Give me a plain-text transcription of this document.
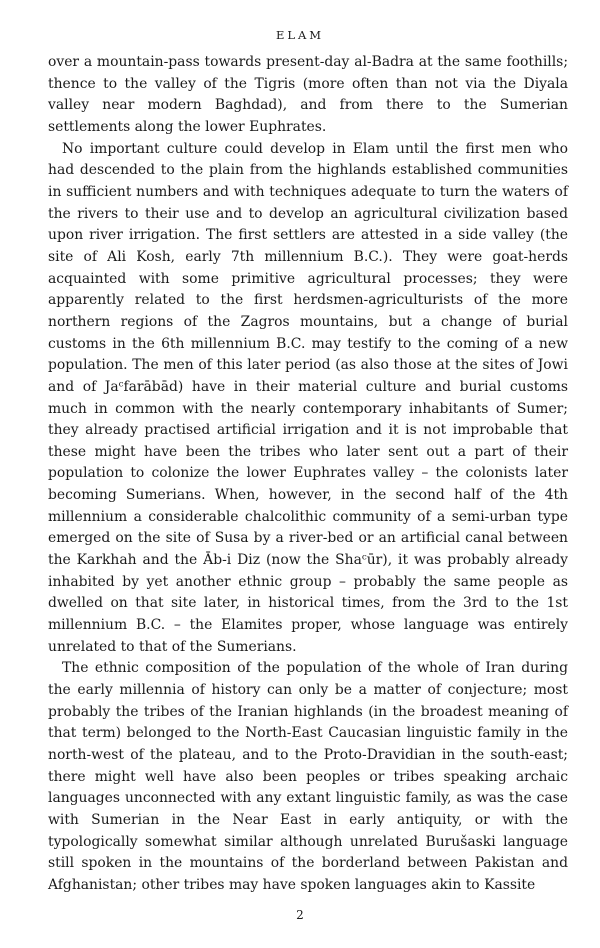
ELAM

over a mountain-pass towards present-day al-Badra at the same foothills; thence to the valley of the Tigris (more often than not via the Diyala valley near modern Baghdad), and from there to the Sumerian settlements along the lower Euphrates.

No important culture could develop in Elam until the first men who had descended to the plain from the highlands established communities in sufficient numbers and with techniques adequate to turn the waters of the rivers to their use and to develop an agricultural civilization based upon river irrigation. The first settlers are attested in a side valley (the site of Ali Kosh, early 7th millennium B.C.). They were goat-herds acquainted with some primitive agricultural processes; they were apparently related to the first herdsmen-agriculturists of the more northern regions of the Zagros mountains, but a change of burial customs in the 6th millennium B.C. may testify to the coming of a new population. The men of this later period (as also those at the sites of Jowi and of Jaᶜfarābād) have in their material culture and burial customs much in common with the nearly contemporary inhabitants of Sumer; they already practised artificial irrigation and it is not improbable that these might have been the tribes who later sent out a part of their population to colonize the lower Euphrates valley – the colonists later becoming Sumerians. When, however, in the second half of the 4th millennium a considerable chalcolithic community of a semi-urban type emerged on the site of Susa by a river-bed or an artificial canal between the Karkhah and the Āb-i Diz (now the Shaᶜūr), it was probably already inhabited by yet another ethnic group – probably the same people as dwelled on that site later, in historical times, from the 3rd to the 1st millennium B.C. – the Elamites proper, whose language was entirely unrelated to that of the Sumerians.

The ethnic composition of the population of the whole of Iran during the early millennia of history can only be a matter of conjecture; most probably the tribes of the Iranian highlands (in the broadest meaning of that term) belonged to the North-East Caucasian linguistic family in the north-west of the plateau, and to the Proto-Dravidian in the south-east; there might well have also been peoples or tribes speaking archaic languages unconnected with any extant linguistic family, as was the case with Sumerian in the Near East in early antiquity, or with the typologically somewhat similar although unrelated Burušaski language still spoken in the mountains of the borderland between Pakistan and Afghanistan; other tribes may have spoken languages akin to Kassite

2
